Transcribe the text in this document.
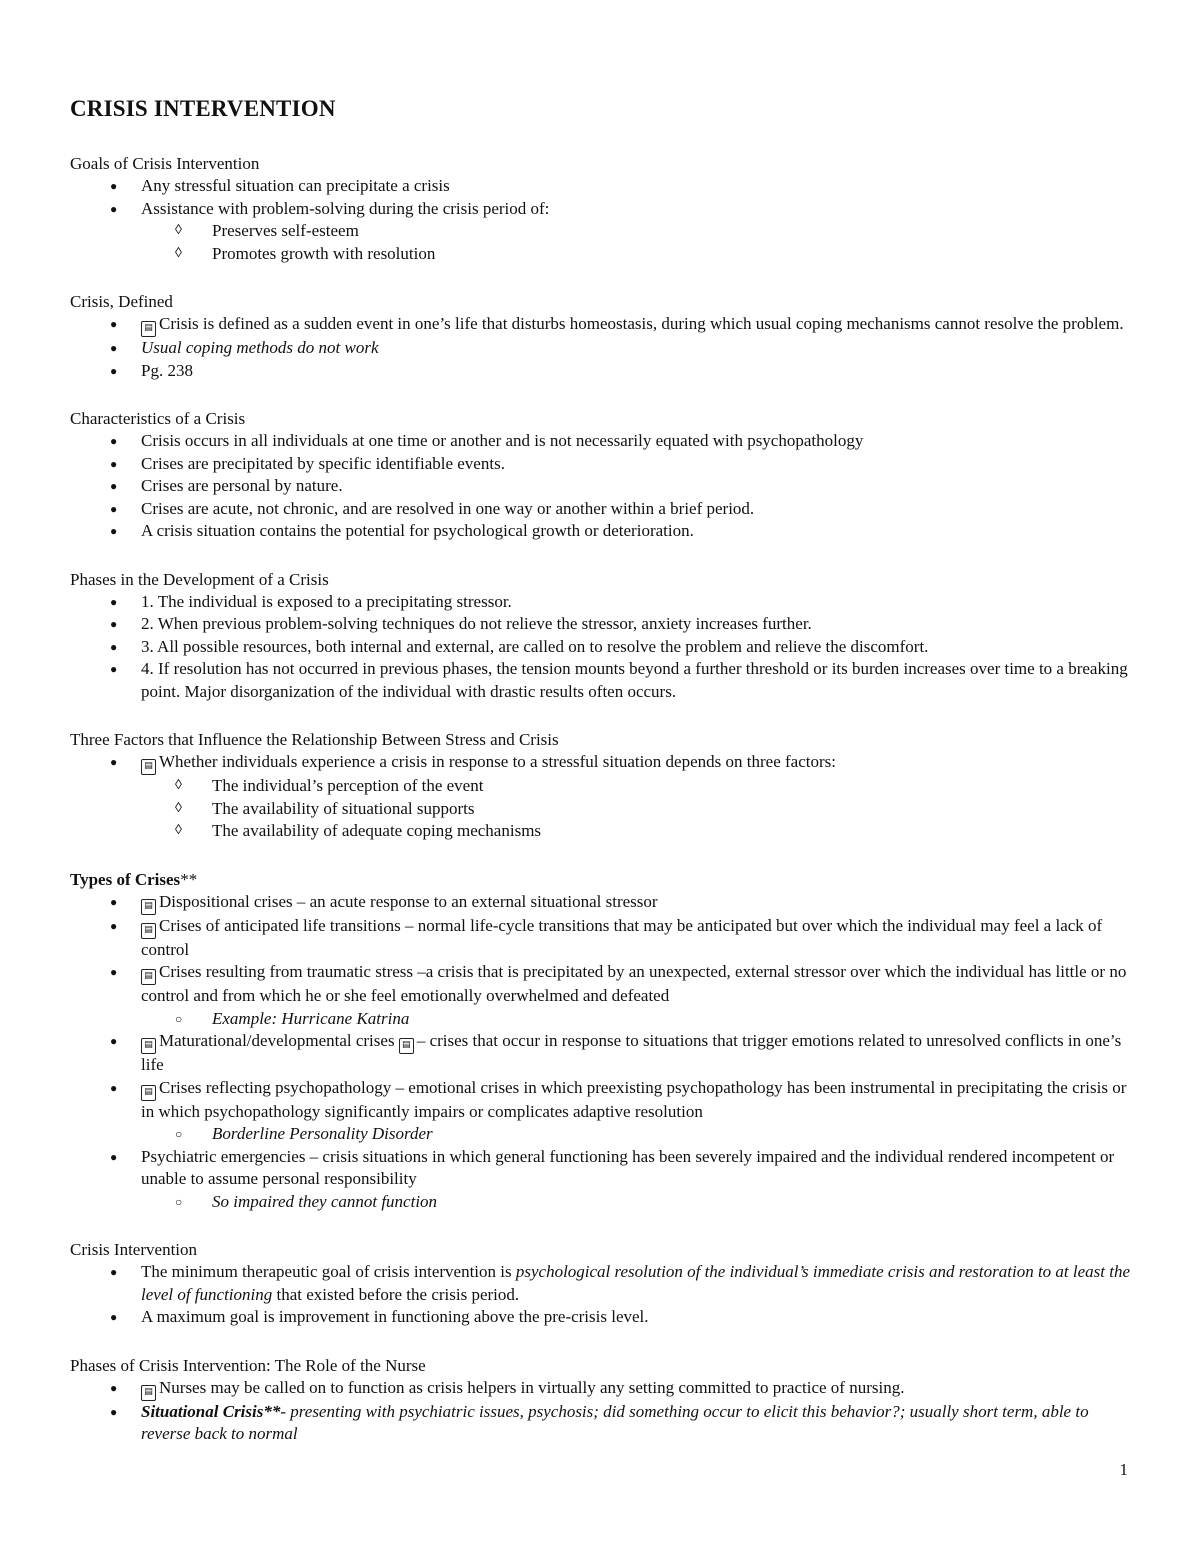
CRISIS INTERVENTION

Goals of Crisis Intervention

● Any stressful situation can precipitate a crisis
● Assistance with problem-solving during the crisis period of:
◊ Preserves self-esteem
◊ Promotes growth with resolution

Crisis, Defined

● ▤ Crisis is defined as a sudden event in one’s life that disturbs homeostasis, during which usual coping mechanisms cannot resolve the problem.
● Usual coping methods do not work
● Pg. 238

Characteristics of a Crisis

● Crisis occurs in all individuals at one time or another and is not necessarily equated with psychopathology
● Crises are precipitated by specific identifiable events.
● Crises are personal by nature.
● Crises are acute, not chronic, and are resolved in one way or another within a brief period.
● A crisis situation contains the potential for psychological growth or deterioration.

Phases in the Development of a Crisis

● 1. The individual is exposed to a precipitating stressor.
● 2. When previous problem-solving techniques do not relieve the stressor, anxiety increases further.
● 3. All possible resources, both internal and external, are called on to resolve the problem and relieve the discomfort.
● 4. If resolution has not occurred in previous phases, the tension mounts beyond a further threshold or its burden increases over time to a breaking point. Major disorganization of the individual with drastic results often occurs.

Three Factors that Influence the Relationship Between Stress and Crisis

● ▤ Whether individuals experience a crisis in response to a stressful situation depends on three factors:
◊ The individual’s perception of the event
◊ The availability of situational supports
◊ The availability of adequate coping mechanisms

Types of Crises**

● ▤ Dispositional crises – an acute response to an external situational stressor
● ▤ Crises of anticipated life transitions – normal life-cycle transitions that may be anticipated but over which the individual may feel a lack of control
● ▤ Crises resulting from traumatic stress –a crisis that is precipitated by an unexpected, external stressor over which the individual has little or no control and from which he or she feel emotionally overwhelmed and defeated
○ Example: Hurricane Katrina
● ▤ Maturational/developmental crises ▤ – crises that occur in response to situations that trigger emotions related to unresolved conflicts in one’s life
● ▤ Crises reflecting psychopathology – emotional crises in which preexisting psychopathology has been instrumental in precipitating the crisis or in which psychopathology significantly impairs or complicates adaptive resolution
○ Borderline Personality Disorder
● Psychiatric emergencies – crisis situations in which general functioning has been severely impaired and the individual rendered incompetent or unable to assume personal responsibility
○ So impaired they cannot function

Crisis Intervention

● The minimum therapeutic goal of crisis intervention is psychological resolution of the individual’s immediate crisis and restoration to at least the level of functioning that existed before the crisis period.
● A maximum goal is improvement in functioning above the pre-crisis level.

Phases of Crisis Intervention: The Role of the Nurse

● ▤ Nurses may be called on to function as crisis helpers in virtually any setting committed to practice of nursing.
● Situational Crisis**- presenting with psychiatric issues, psychosis; did something occur to elicit this behavior?; usually short term, able to reverse back to normal
1
